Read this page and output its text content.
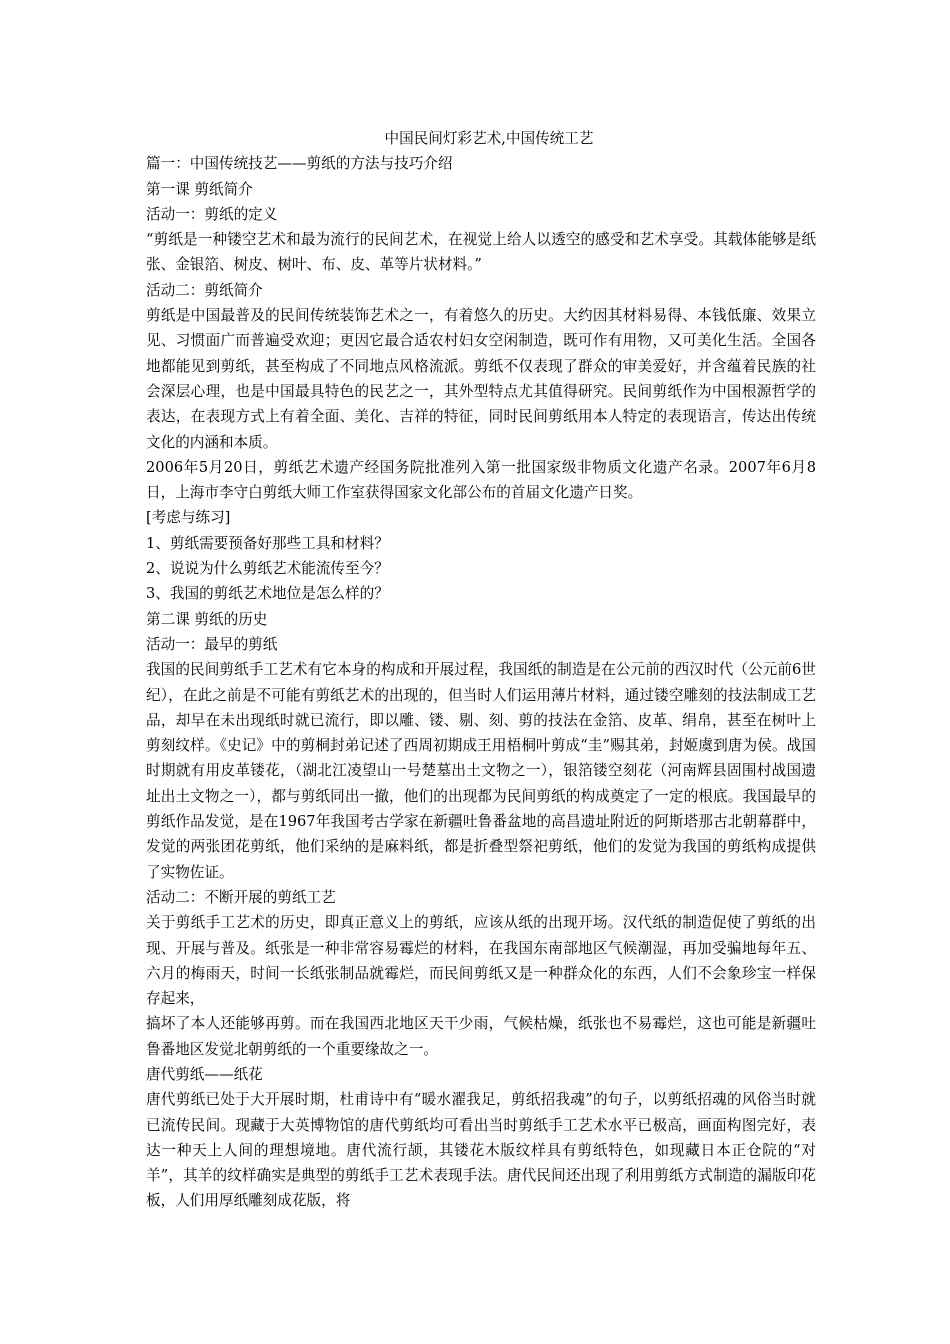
中国民间灯彩艺术,中国传统工艺

篇一：中国传统技艺——剪纸的方法与技巧介绍

第一课 剪纸简介

活动一：剪纸的定义

“剪纸是一种镂空艺术和最为流行的民间艺术，在视觉上给人以透空的感受和艺术享受。其载体能够是纸张、金银箔、树皮、树叶、布、皮、革等片状材料。”

活动二：剪纸简介

剪纸是中国最普及的民间传统装饰艺术之一，有着悠久的历史。大约因其材料易得、本钱低廉、效果立见、习惯面广而普遍受欢迎；更因它最合适农村妇女空闲制造，既可作有用物，又可美化生活。全国各地都能见到剪纸，甚至构成了不同地点风格流派。剪纸不仅表现了群众的审美爱好，并含蕴着民族的社会深层心理，也是中国最具特色的民艺之一，其外型特点尤其值得研究。民间剪纸作为中国根源哲学的表达，在表现方式上有着全面、美化、吉祥的特征，同时民间剪纸用本人特定的表现语言，传达出传统文化的内涵和本质。

2006年5月20日，剪纸艺术遗产经国务院批准列入第一批国家级非物质文化遗产名录。2007年6月8日，上海市李守白剪纸大师工作室获得国家文化部公布的首届文化遗产日奖。

[考虑与练习]

1、剪纸需要预备好那些工具和材料？

2、说说为什么剪纸艺术能流传至今？

3、我国的剪纸艺术地位是怎么样的？

第二课 剪纸的历史

活动一：最早的剪纸

我国的民间剪纸手工艺术有它本身的构成和开展过程，我国纸的制造是在公元前的西汉时代（公元前6世纪），在此之前是不可能有剪纸艺术的出现的，但当时人们运用薄片材料，通过镂空雕刻的技法制成工艺品，却早在未出现纸时就已流行，即以雕、镂、剔、刻、剪的技法在金箔、皮革、绢帛，甚至在树叶上剪刻纹样。《史记》中的剪桐封弟记述了西周初期成王用梧桐叶剪成“圭”赐其弟，封姬虞到唐为侯。战国时期就有用皮革镂花，（湖北江凌望山一号楚墓出土文物之一），银箔镂空刻花（河南辉县固围村战国遗址出土文物之一），都与剪纸同出一撤，他们的出现都为民间剪纸的构成奠定了一定的根底。我国最早的剪纸作品发觉，是在1967年我国考古学家在新疆吐鲁番盆地的高昌遗址附近的阿斯塔那古北朝幕群中，发觉的两张团花剪纸，他们采纳的是麻料纸，都是折叠型祭祀剪纸，他们的发觉为我国的剪纸构成提供了实物佐证。

活动二：不断开展的剪纸工艺

关于剪纸手工艺术的历史，即真正意义上的剪纸，应该从纸的出现开场。汉代纸的制造促使了剪纸的出现、开展与普及。纸张是一种非常容易霉烂的材料，在我国东南部地区气候潮湿，再加受骗地每年五、六月的梅雨天，时间一长纸张制品就霉烂，而民间剪纸又是一种群众化的东西，人们不会象珍宝一样保存起来，

搞坏了本人还能够再剪。而在我国西北地区天干少雨，气候枯燥，纸张也不易霉烂，这也可能是新疆吐鲁番地区发觉北朝剪纸的一个重要缘故之一。

唐代剪纸——纸花

唐代剪纸已处于大开展时期，杜甫诗中有“暖水濯我足，剪纸招我魂”的句子，以剪纸招魂的风俗当时就已流传民间。现藏于大英博物馆的唐代剪纸均可看出当时剪纸手工艺术水平已极高，画面构图完好，表达一种天上人间的理想境地。唐代流行颉，其镂花木版纹样具有剪纸特色，如现藏日本正仓院的“对羊”，其羊的纹样确实是典型的剪纸手工艺术表现手法。唐代民间还出现了利用剪纸方式制造的漏版印花板，人们用厚纸雕刻成花版，将
